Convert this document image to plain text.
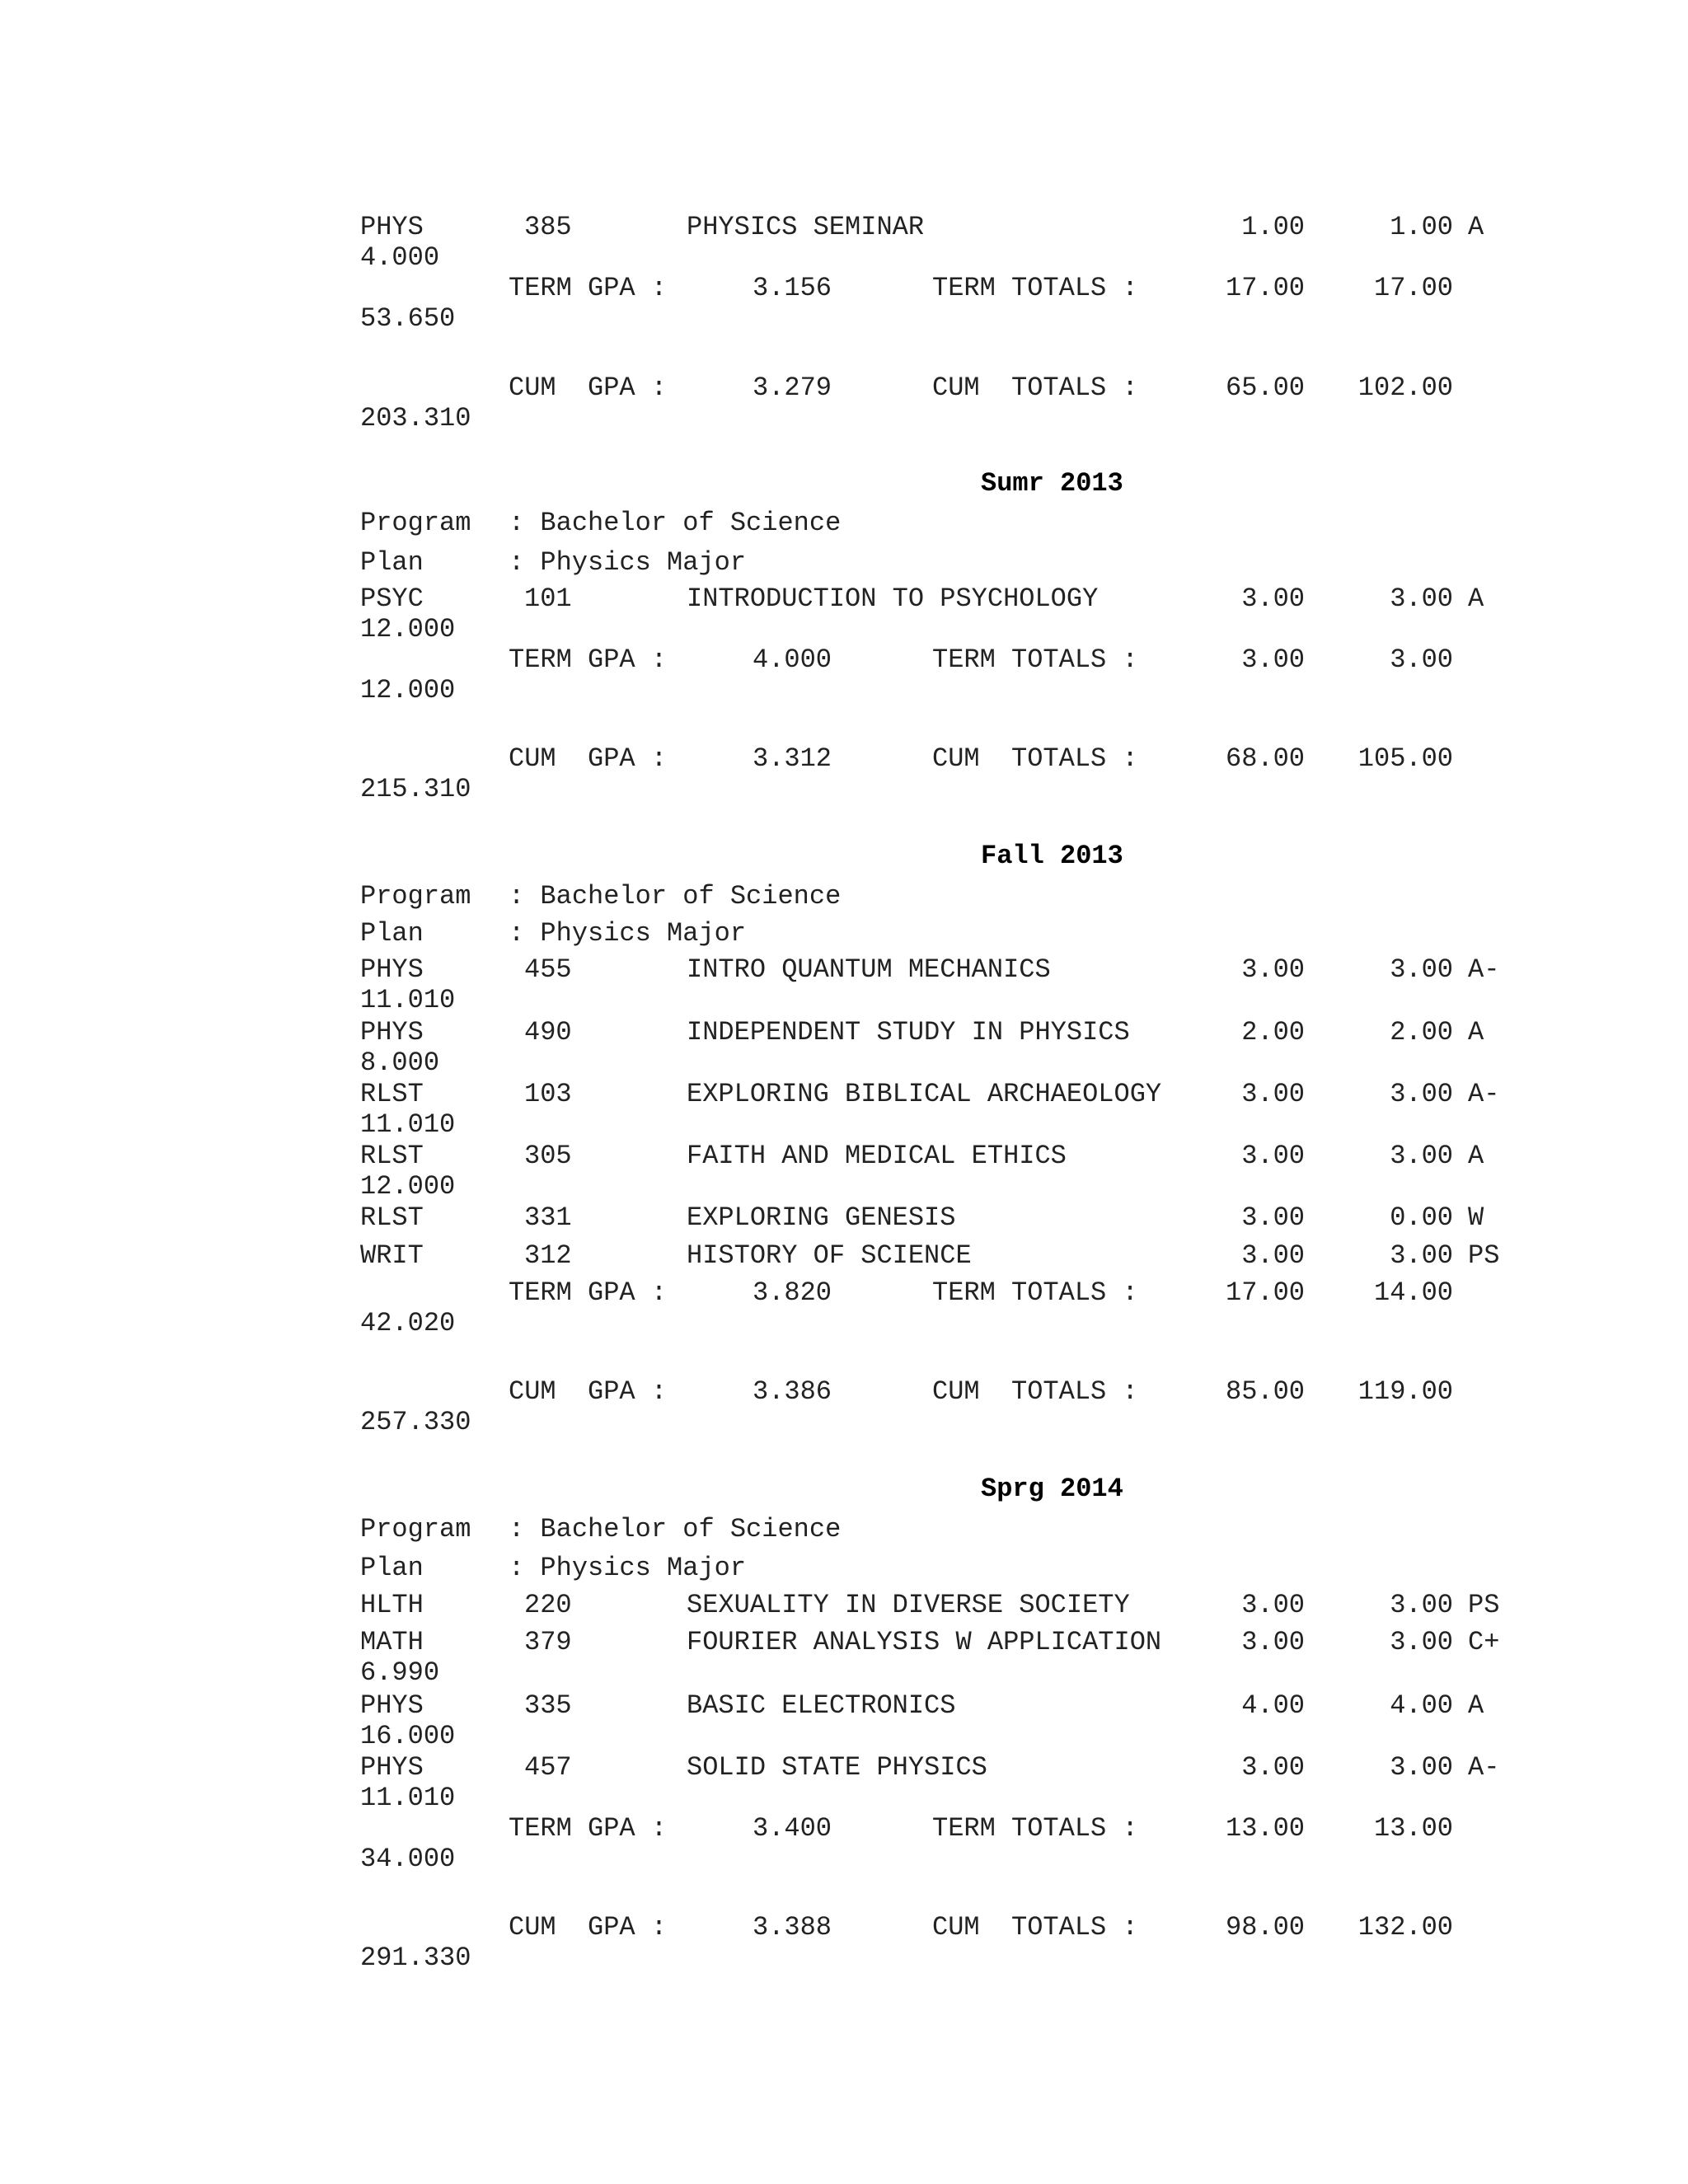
PHYS	385	PHYSICS SEMINAR	1.00	1.00 A
4.000
TERM GPA :	3.156	TERM TOTALS :	17.00	17.00
53.650
CUM  GPA :	3.279	CUM  TOTALS :	65.00 102.00
203.310
Sumr 2013
Program : Bachelor of Science
Plan	: Physics Major
PSYC	101	INTRODUCTION TO PSYCHOLOGY	3.00	3.00 A
12.000
TERM GPA :	4.000	TERM TOTALS :	3.00	3.00
12.000
CUM  GPA :	3.312	CUM  TOTALS :	68.00 105.00
215.310
Fall 2013
Program : Bachelor of Science
Plan	: Physics Major
PHYS	455	INTRO QUANTUM MECHANICS	3.00	3.00 A-
11.010
PHYS	490	INDEPENDENT STUDY IN PHYSICS	2.00	2.00 A
8.000
RLST	103	EXPLORING BIBLICAL ARCHAEOLOGY	3.00	3.00 A-
11.010
RLST	305	FAITH AND MEDICAL ETHICS	3.00	3.00 A
12.000
RLST	331	EXPLORING GENESIS	3.00	0.00 W
WRIT	312	HISTORY OF SCIENCE	3.00	3.00 PS
TERM GPA :	3.820	TERM TOTALS :	17.00	14.00
42.020
CUM  GPA :	3.386	CUM  TOTALS :	85.00 119.00
257.330
Sprg 2014
Program : Bachelor of Science
Plan	: Physics Major
HLTH	220	SEXUALITY IN DIVERSE SOCIETY	3.00	3.00 PS
MATH	379	FOURIER ANALYSIS W APPLICATION	3.00	3.00 C+
6.990
PHYS	335	BASIC ELECTRONICS	4.00	4.00 A
16.000
PHYS	457	SOLID STATE PHYSICS	3.00	3.00 A-
11.010
TERM GPA :	3.400	TERM TOTALS :	13.00	13.00
34.000
CUM  GPA :	3.388	CUM  TOTALS :	98.00 132.00
291.330
